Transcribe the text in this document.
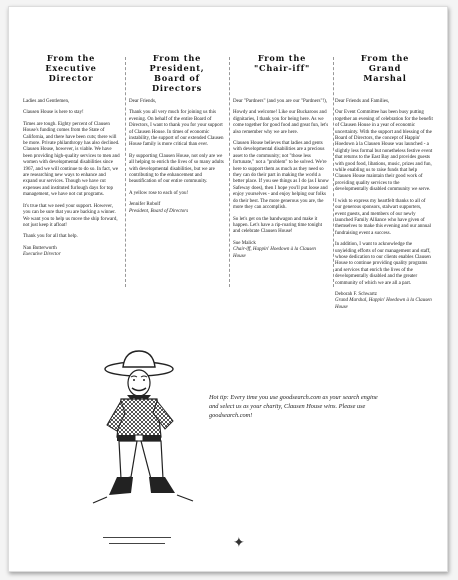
From the
Executive
Director
From the
President,
Board of
Directors
From the
"Chair-iff"
From the
Grand
Marshal

Ladies and Gentlemen,

Clausen House is here to stay!

Times are tough. Eighty percent of Clausen House's funding comes from the State of California, and there have been cuts; there will be more. Private philanthropy has also declined. Clausen House, however, is viable. We have been providing high-quality services to men and women with developmental disabilities since 1967, and we will continue to do so. In fact, we are researching new ways to enhance and expand our services. Though we have cut expenses and instituted furlough days for top management, we have not cut programs.

It's true that we need your support. However, you can be sure that you are backing a winner. We want you to help us move the ship forward, not just keep it afloat!

Thank you for all that help.

Nan Butterworth

Executive Director

Dear Friends,

Thank you all very much for joining us this evening. On behalf of the entire Board of Directors, I want to thank you for your support of Clausen House. In times of economic instability, the support of our extended Clausen House family is more critical than ever.

By supporting Clausen House, not only are we all helping to enrich the lives of so many adults with developmental disabilities, but we are contributing to the enhancement and beautification of our entire community.

A yellow rose to each of you!

Jennifer Robolf

President, Board of Directors

Dear "Pardners" (and you are our "Pardners"!),

Howdy and welcome! Like our Buckaroos and dignitaries, I thank you for being here. As we come together for good food and great fun, let's also remember why we are here.

Clausen House believes that ladies and gents with developmental disabilities are a precious asset to the community; not "those less fortunate," not a "problem" to be solved. We're here to support them as much as they need so they can do their part in making the world a better place. If you see things as I do (as I know Safeway does), then I hope you'll put loose and enjoy yourselves - and enjoy helping our folks do their best. The more generous you are, the more they can accomplish.

So let's get on the bandwagon and make it happen. Let's have a rip-roaring time tonight and celebrate Clausen House!

Sue Malick

Chair-iff, Happin' Hoedown à la Clausen House

Dear Friends and Families,

Our Event Committee has been busy putting together an evening of celebration for the benefit of Clausen House in a year of economic uncertainty. With the support and blessing of the Board of Directors, the concept of Happin' Hoedown à la Clausen House was launched - a slightly less formal but nonetheless festive event that returns to the East Bay and provides guests with good food, libations, music, prizes and fun, while enabling us to raise funds that help Clausen House maintain their good work of providing quality services to the developmentally disabled community we serve.

I wish to express my heartfelt thanks to all of our generous sponsors, stalwart supporters, event guests, and members of our newly launched Family Alliance who have given of themselves to make this evening and our annual fundraising event a success.

In addition, I want to acknowledge the unyielding efforts of our management and staff, whose dedication to our clients enables Clausen House to continue providing quality programs and services that enrich the lives of the developmentally disabled and the greater community of which we are all a part.

Deborah F. Schwartz

Grand Marshal, Happin' Hoedown à la Clausen House

Hot tip: Every time you use goodsearch.com as your search engine and select us as your charity, Clausen House wins. Please use goodsearch.com!
✦
